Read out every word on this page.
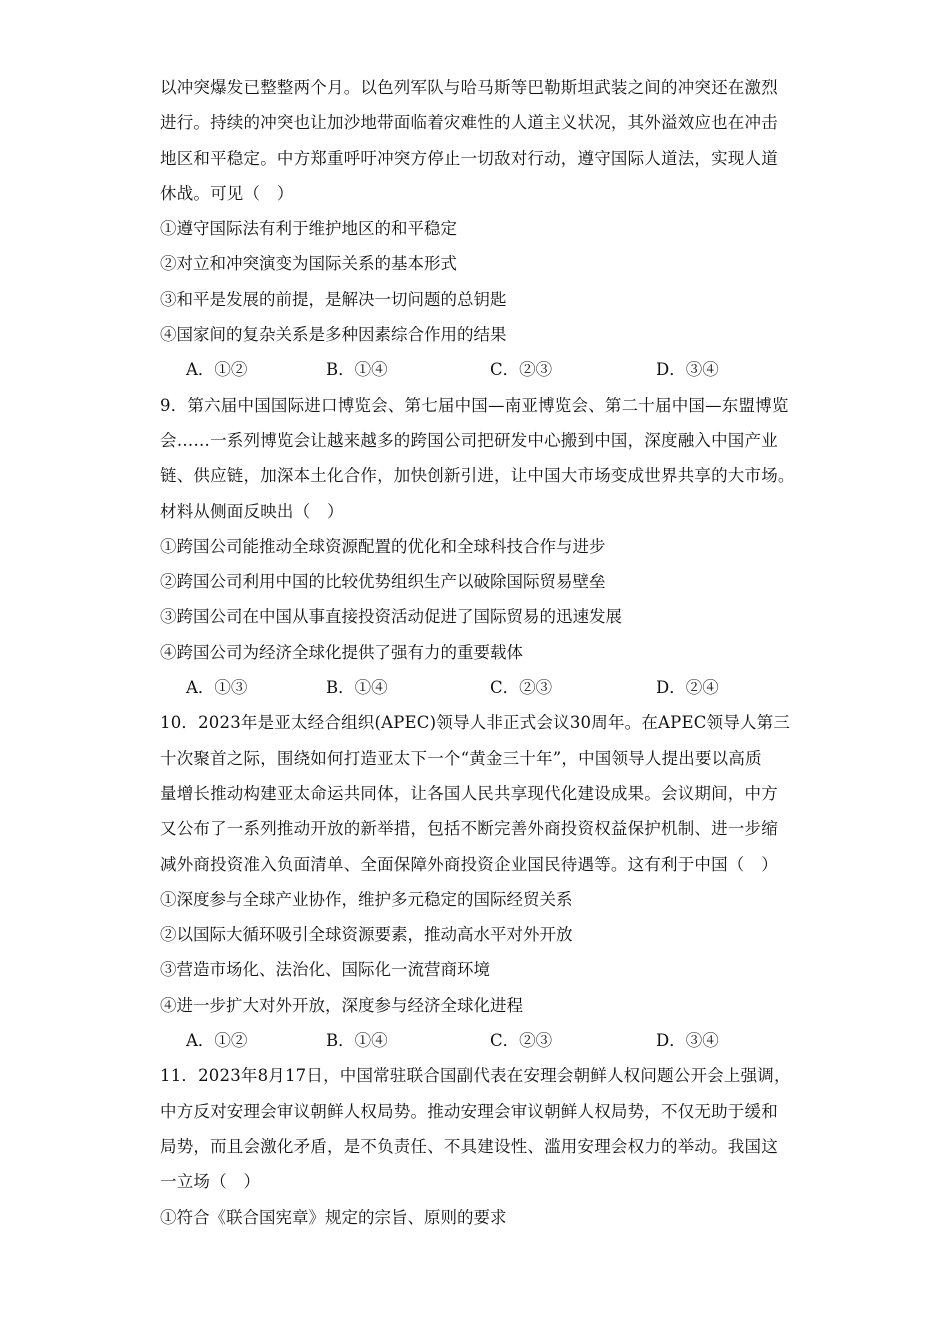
以冲突爆发已整整两个月。以色列军队与哈马斯等巴勒斯坦武装之间的冲突还在激烈
进行。持续的冲突也让加沙地带面临着灾难性的人道主义状况，其外溢效应也在冲击
地区和平稳定。中方郑重呼吁冲突方停止一切敌对行动，遵守国际人道法，实现人道
休战。可见（　）
①遵守国际法有利于维护地区的和平稳定
②对立和冲突演变为国际关系的基本形式
③和平是发展的前提，是解决一切问题的总钥匙
④国家间的复杂关系是多种因素综合作用的结果
A．①②	B．①④	C．②③	D．③④
9．第六届中国国际进口博览会、第七届中国—南亚博览会、第二十届中国—东盟博览
会……一系列博览会让越来越多的跨国公司把研发中心搬到中国，深度融入中国产业
链、供应链，加深本土化合作，加快创新引进，让中国大市场变成世界共享的大市场。
材料从侧面反映出（　）
①跨国公司能推动全球资源配置的优化和全球科技合作与进步
②跨国公司利用中国的比较优势组织生产以破除国际贸易壁垒
③跨国公司在中国从事直接投资活动促进了国际贸易的迅速发展
④跨国公司为经济全球化提供了强有力的重要载体
A．①③	B．①④	C．②③	D．②④
10．2023年是亚太经合组织(APEC)领导人非正式会议30周年。在APEC领导人第三
十次聚首之际，围绕如何打造亚太下一个“黄金三十年”，中国领导人提出要以高质
量增长推动构建亚太命运共同体，让各国人民共享现代化建设成果。会议期间，中方
又公布了一系列推动开放的新举措，包括不断完善外商投资权益保护机制、进一步缩
减外商投资准入负面清单、全面保障外商投资企业国民待遇等。这有利于中国（　）
①深度参与全球产业协作，维护多元稳定的国际经贸关系
②以国际大循环吸引全球资源要素，推动高水平对外开放
③营造市场化、法治化、国际化一流营商环境
④进一步扩大对外开放，深度参与经济全球化进程
A．①②	B．①④	C．②③	D．③④
11．2023年8月17日，中国常驻联合国副代表在安理会朝鲜人权问题公开会上强调，
中方反对安理会审议朝鲜人权局势。推动安理会审议朝鲜人权局势，不仅无助于缓和
局势，而且会激化矛盾，是不负责任、不具建设性、滥用安理会权力的举动。我国这
一立场（　）
①符合《联合国宪章》规定的宗旨、原则的要求
